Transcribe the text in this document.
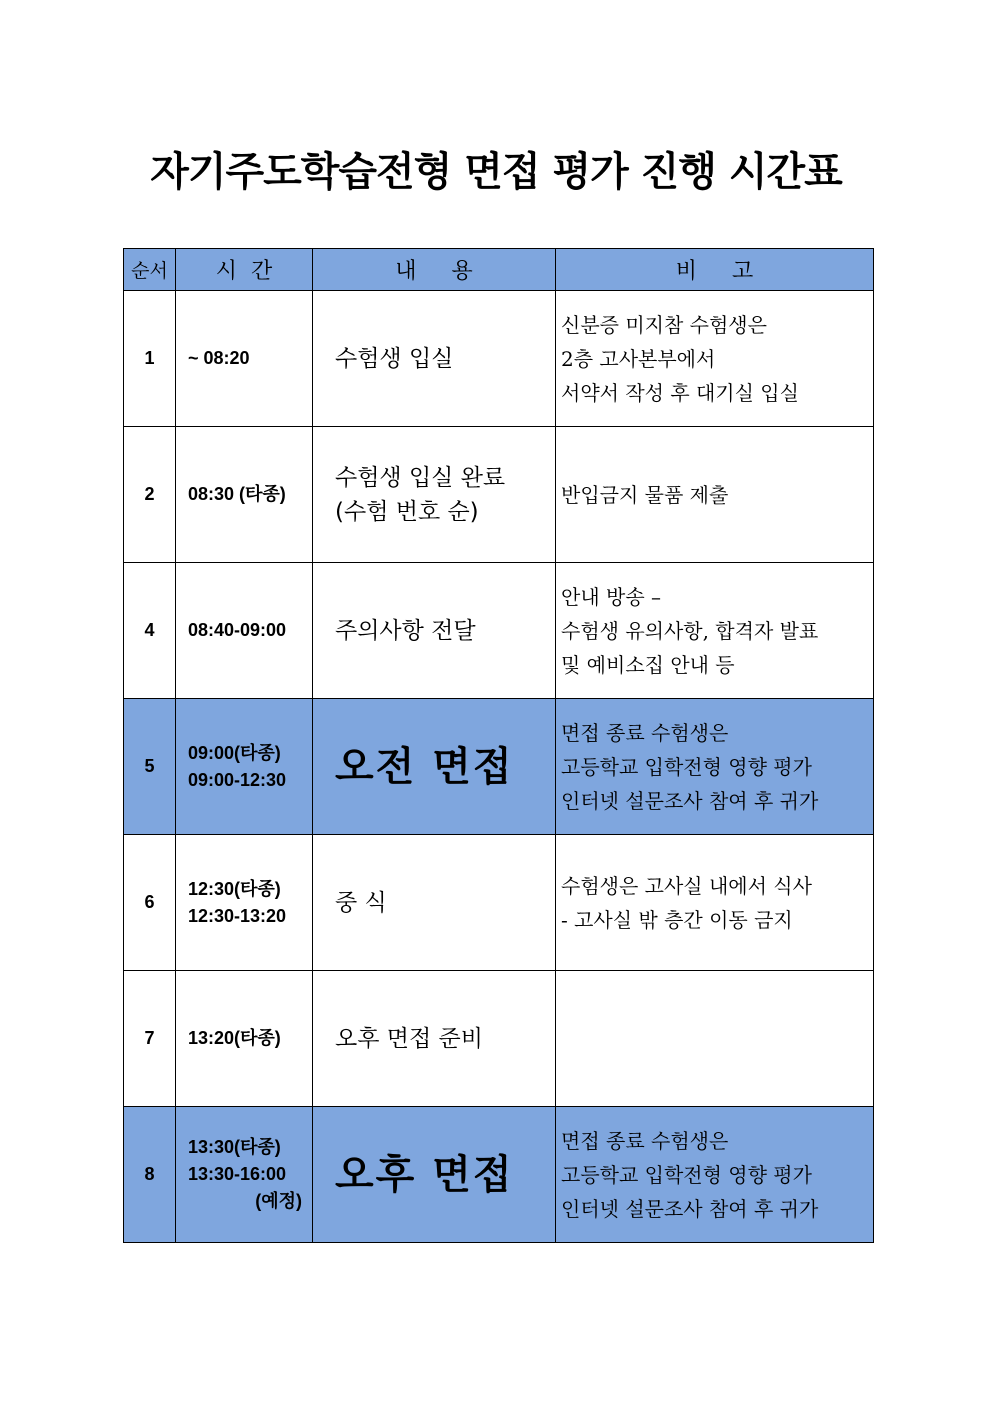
자기주도학습전형 면접 평가 진행 시간표
순서	시  간	내     용	비     고
1	~ 08:20	수험생 입실	신분증 미지참 수험생은
2층 고사본부에서
서약서 작성 후 대기실 입실

2	08:30 (타종)	수험생 입실 완료
(수험 번호 순)	반입금지 물품 제출

4	08:40-09:00	주의사항 전달	안내 방송 –
수험생 유의사항, 합격자 발표
및 예비소집 안내 등

5	09:00(타종)
09:00-12:30	오전 면접	면접 종료 수험생은
고등학교 입학전형 영향 평가
인터넷 설문조사 참여 후 귀가

6	12:30(타종)
12:30-13:20	중 식	수험생은 고사실 내에서 식사
- 고사실 밖 층간 이동 금지

7	13:20(타종)	오후 면접 준비	

8	13:30(타종)
13:30-16:00
(예정)	오후 면접	면접 종료 수험생은
고등학교 입학전형 영향 평가
인터넷 설문조사 참여 후 귀가
